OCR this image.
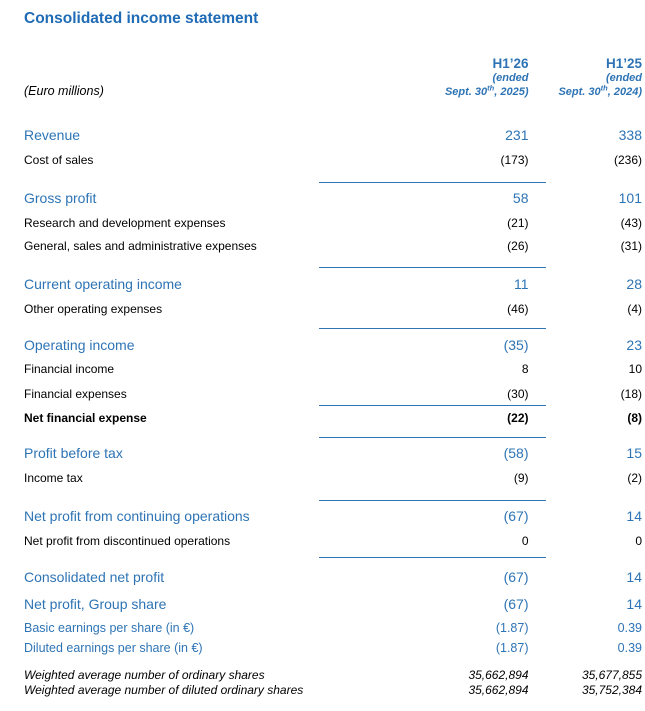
Consolidated income statement
(Euro millions)
H1’26
(ended
Sept. 30th, 2025)
H1’25
(ended
Sept. 30th, 2024)
Revenue	231	338
Cost of sales	(173)	(236)
Gross profit	58	101
Research and development expenses	(21)	(43)
General, sales and administrative expenses	(26)	(31)
Current operating income	11	28
Other operating expenses	(46)	(4)
Operating income	(35)	23
Financial income	8	10
Financial expenses	(30)	(18)
Net financial expense	(22)	(8)
Profit before tax	(58)	15
Income tax	(9)	(2)
Net profit from continuing operations	(67)	14
Net profit from discontinued operations	0	0
Consolidated net profit	(67)	14
Net profit, Group share	(67)	14
Basic earnings per share (in €)	(1.87)	0.39
Diluted earnings per share (in €)	(1.87)	0.39
Weighted average number of ordinary shares	35,662,894	35,677,855
Weighted average number of diluted ordinary shares	35,662,894	35,752,384
